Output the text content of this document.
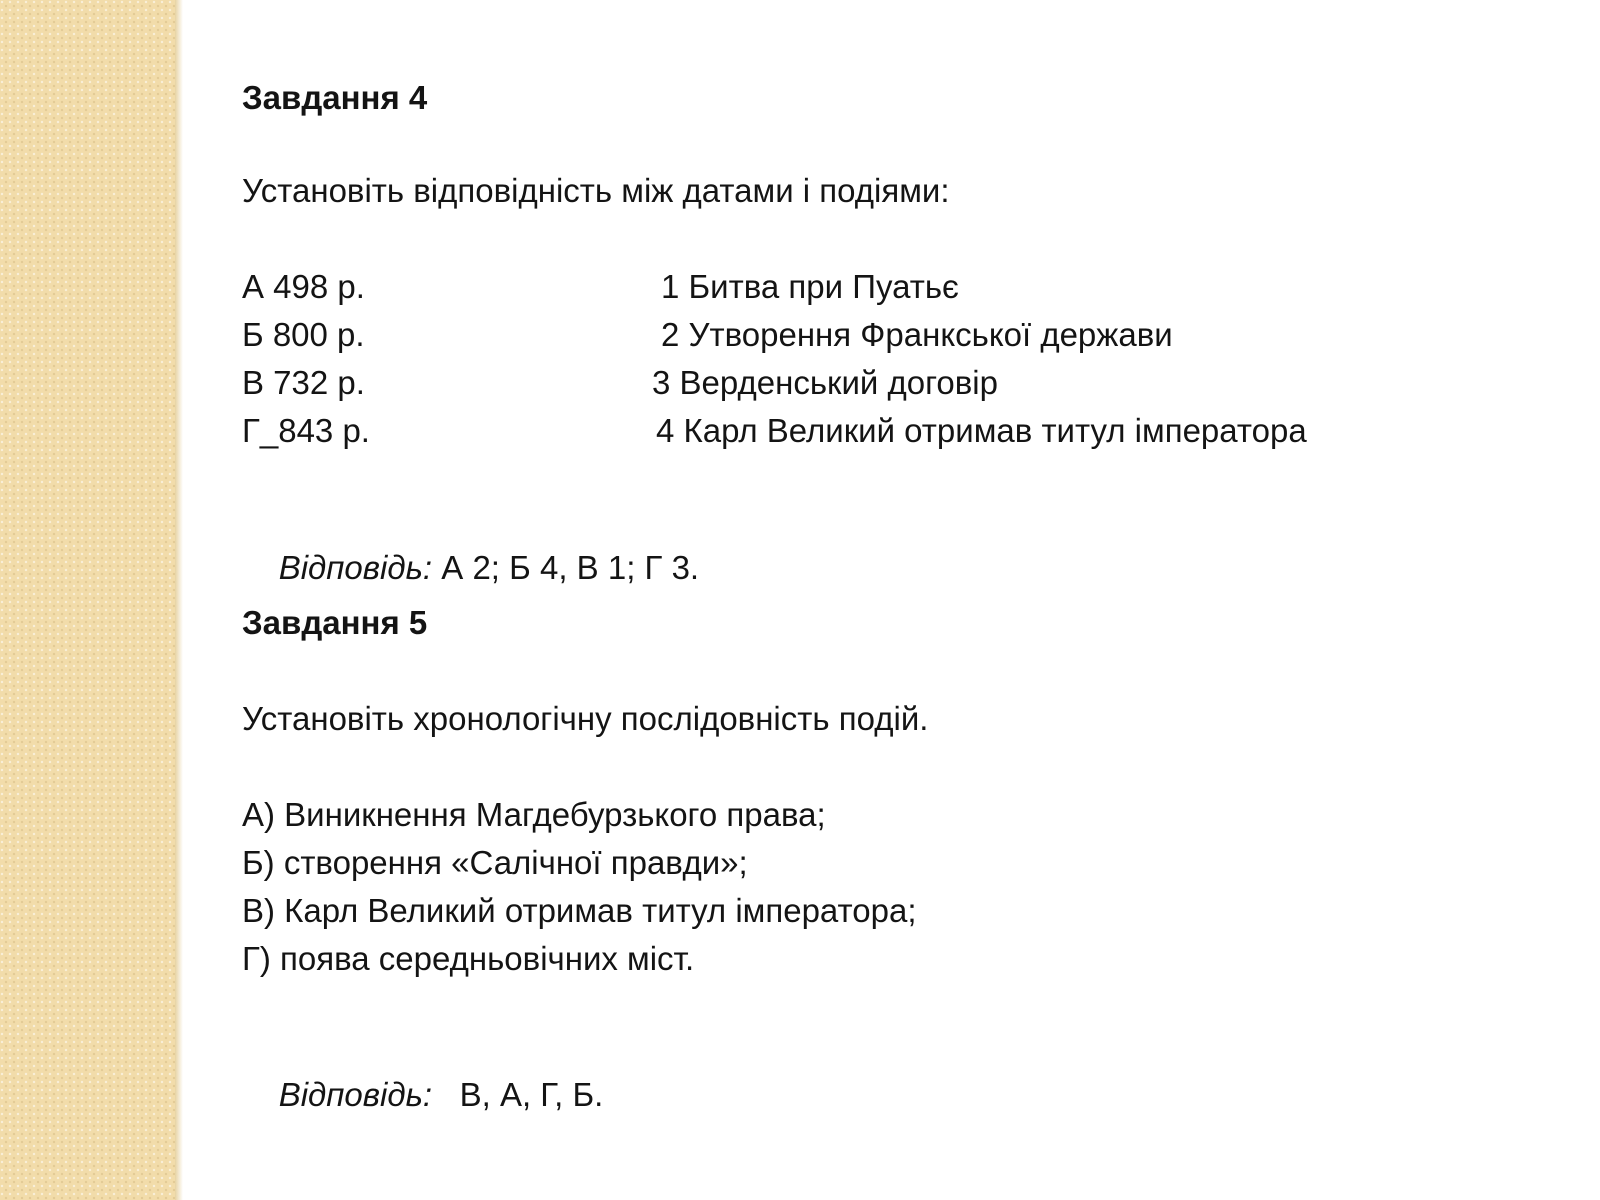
Завдання 4
Установіть відповідність між датами і подіями:
А 498 р.	1 Битва при Пуатьє
Б 800 р.	2 Утворення Франкської держави
В 732 р.	3 Верденський договір
Г_843 р.	4 Карл Великий отримав титул імператора

Відповідь: А 2; Б 4, В 1; Г 3.

Завдання 5
Установіть хронологічну послідовність подій.
А) Виникнення Магдебурзького права;
Б) створення «Салічної правди»;
В) Карл Великий отримав титул імператора;
Г) поява середньовічних міст.

Відповідь:   В, А, Г, Б.
